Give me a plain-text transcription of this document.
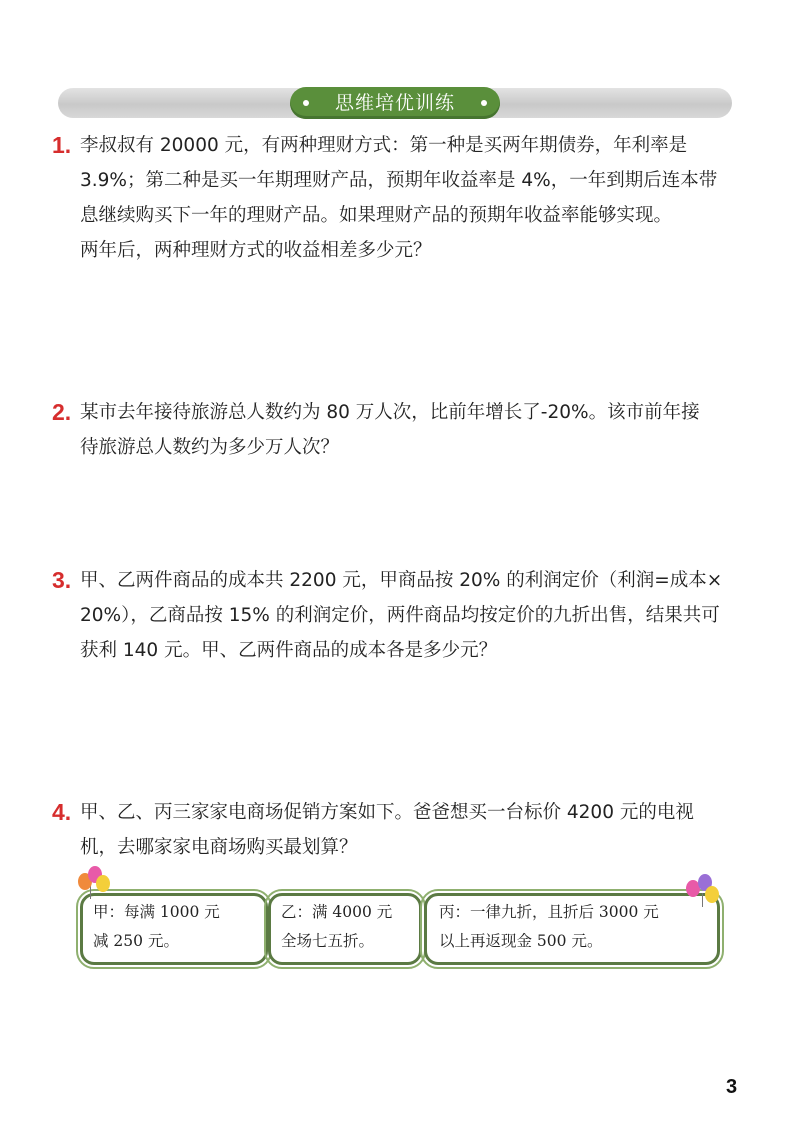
思维培优训练
1. 李叔叔有 20000 元，有两种理财方式：第一种是买两年期债券，年利率是
3.9%；第二种是买一年期理财产品，预期年收益率是 4%，一年到期后连本带
息继续购买下一年的理财产品。如果理财产品的预期年收益率能够实现。
两年后，两种理财方式的收益相差多少元？
2. 某市去年接待旅游总人数约为 80 万人次，比前年增长了-20%。该市前年接
待旅游总人数约为多少万人次？
3. 甲、乙两件商品的成本共 2200 元，甲商品按 20% 的利润定价（利润=成本×
20%），乙商品按 15% 的利润定价，两件商品均按定价的九折出售，结果共可
获利 140 元。甲、乙两件商品的成本各是多少元？
4. 甲、乙、丙三家家电商场促销方案如下。爸爸想买一台标价 4200 元的电视
机，去哪家家电商场购买最划算？
甲：每满 1000 元
减 250 元。
乙：满 4000 元
全场七五折。
丙：一律九折，且折后 3000 元
以上再返现金 500 元。
3
